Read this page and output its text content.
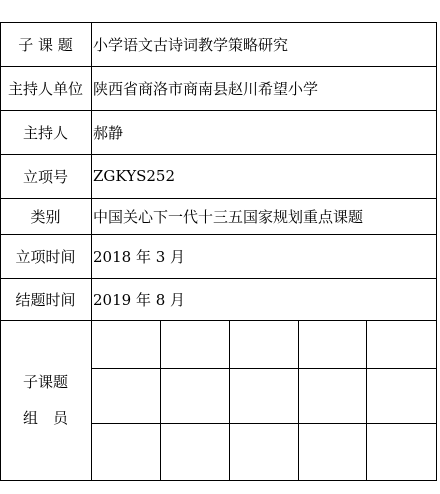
子 课 题	小学语文古诗词教学策略研究
主持人单位 陕西省商洛市商南县赵川希望小学
主持人	郝静
立项号	ZGKYS252
类别	中国关心下一代十三五国家规划重点课题
立项时间	2018 年 3 月
结题时间	2019 年 8 月
子课题
组　员
